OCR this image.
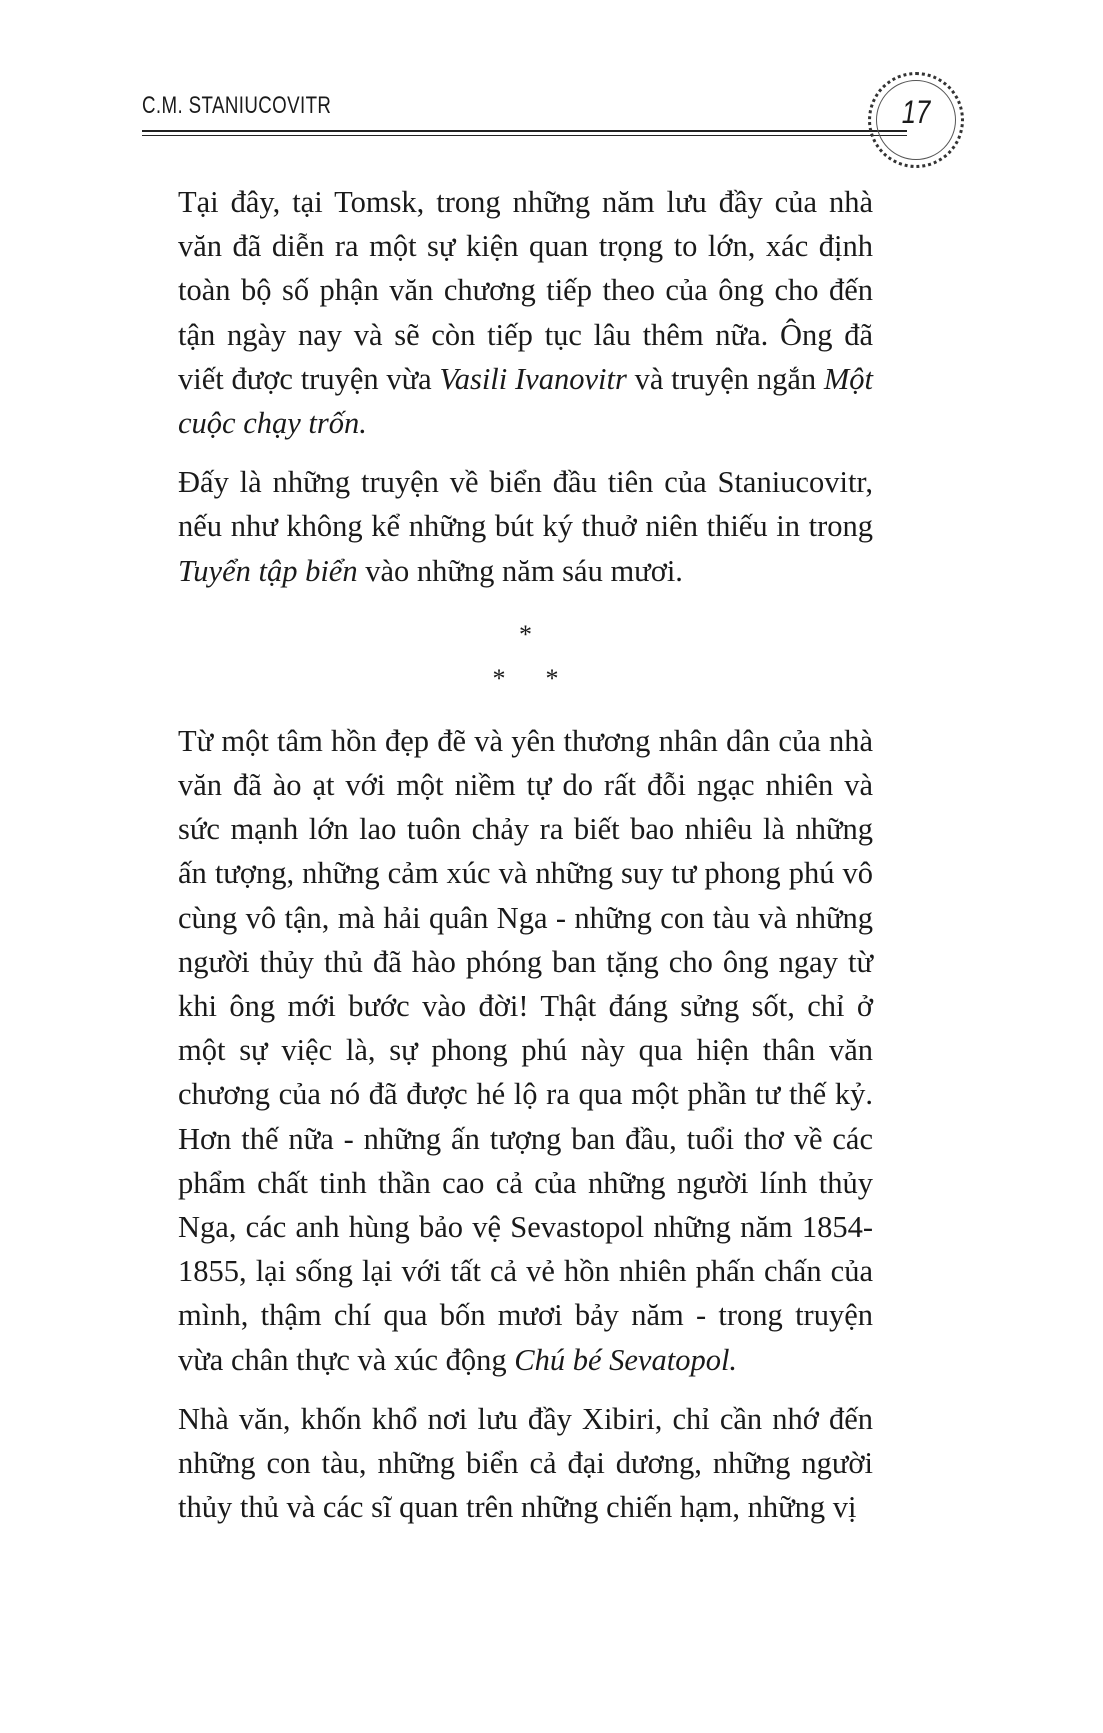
C.M. STANIUCOVITR	17

Tại đây, tại Tomsk, trong những năm lưu đầy của nhà văn đã diễn ra một sự kiện quan trọng to lớn, xác định toàn bộ số phận văn chương tiếp theo của ông cho đến tận ngày nay và sẽ còn tiếp tục lâu thêm nữa. Ông đã viết được truyện vừa Vasili Ivanovitr và truyện ngắn Một cuộc chạy trốn.

Đấy là những truyện về biển đầu tiên của Staniucovitr, nếu như không kể những bút ký thuở niên thiếu in trong Tuyển tập biển vào những năm sáu mươi.

*
* *

Từ một tâm hồn đẹp đẽ và yên thương nhân dân của nhà văn đã ào ạt với một niềm tự do rất đỗi ngạc nhiên và sức mạnh lớn lao tuôn chảy ra biết bao nhiêu là những ấn tượng, những cảm xúc và những suy tư phong phú vô cùng vô tận, mà hải quân Nga - những con tàu và những người thủy thủ đã hào phóng ban tặng cho ông ngay từ khi ông mới bước vào đời! Thật đáng sửng sốt, chỉ ở một sự việc là, sự phong phú này qua hiện thân văn chương của nó đã được hé lộ ra qua một phần tư thế kỷ. Hơn thế nữa - những ấn tượng ban đầu, tuổi thơ về các phẩm chất tinh thần cao cả của những người lính thủy Nga, các anh hùng bảo vệ Sevastopol những năm 1854-1855, lại sống lại với tất cả vẻ hồn nhiên phấn chấn của mình, thậm chí qua bốn mươi bảy năm - trong truyện vừa chân thực và xúc động Chú bé Sevatopol.

Nhà văn, khốn khổ nơi lưu đầy Xibiri, chỉ cần nhớ đến những con tàu, những biển cả đại dương, những người thủy thủ và các sĩ quan trên những chiến hạm, những vị
